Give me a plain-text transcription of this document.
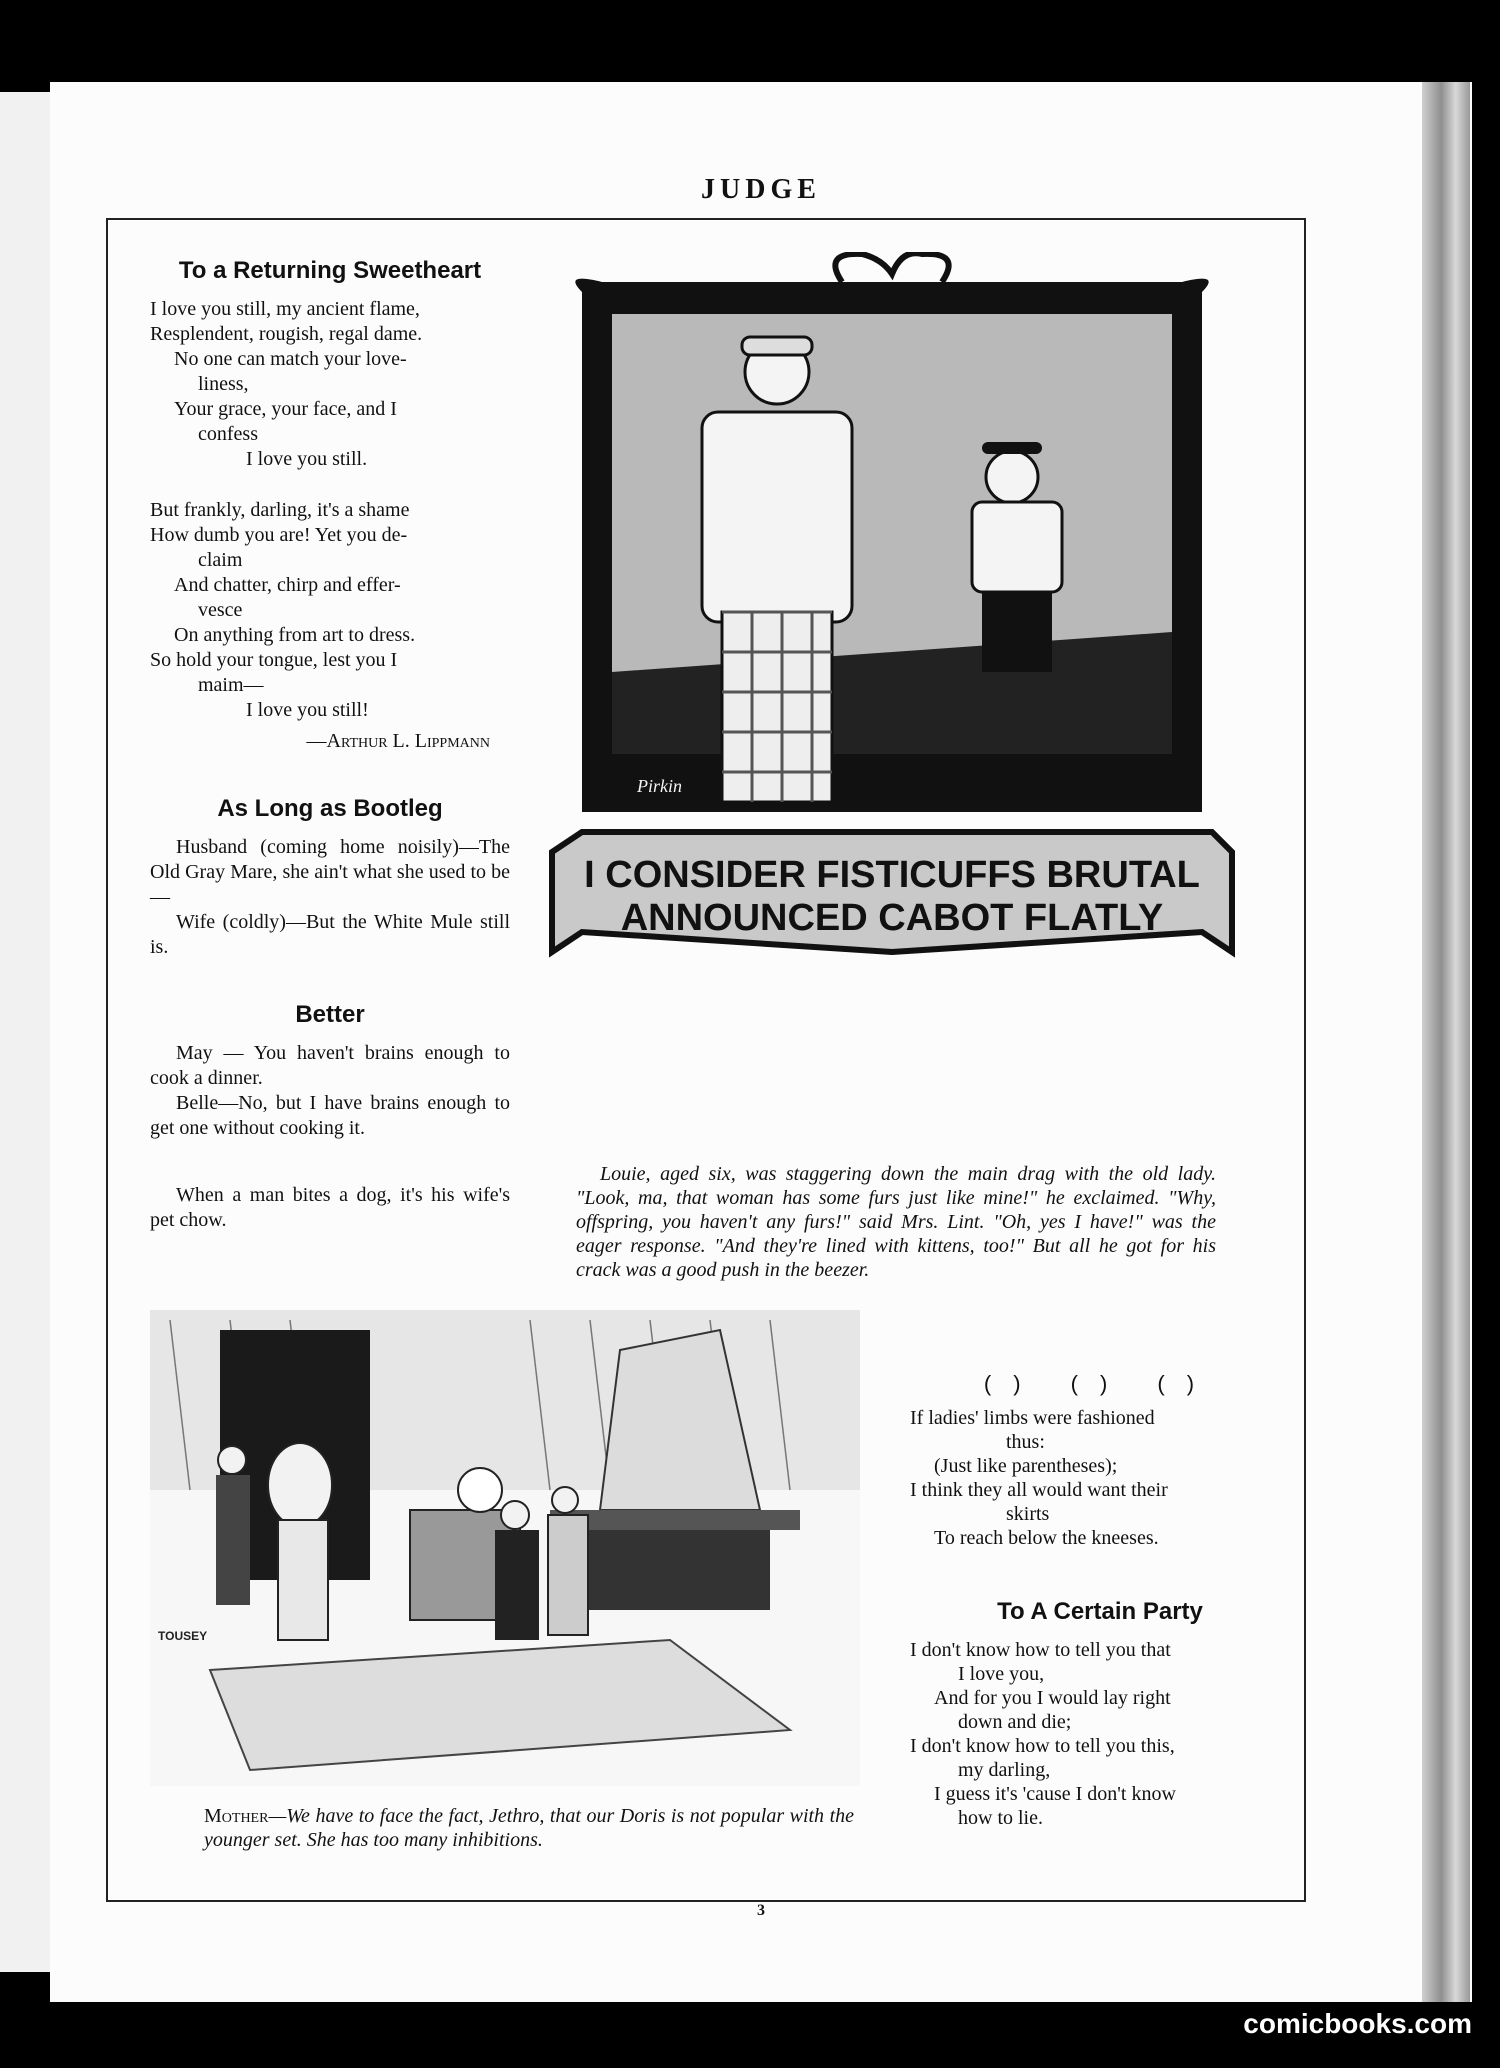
JUDGE
To a Returning Sweetheart

I love you still, my ancient flame,

Resplendent, rougish, regal dame.

No one can match your love-

liness,

Your grace, your face, and I

confess

I love you still.

But frankly, darling, it's a shame

How dumb you are! Yet you de-

claim

And chatter, chirp and effer-

vesce

On anything from art to dress.

So hold your tongue, lest you I

maim—

I love you still!

—Arthur L. Lippmann

As Long as Bootleg

Husband (coming home noisily)—The Old Gray Mare, she ain't what she used to be—

Wife (coldly)—But the White Mule still is.

Better

May — You haven't brains enough to cook a dinner.

Belle—No, but I have brains enough to get one without cooking it.

When a man bites a dog, it's his wife's pet chow.

I CONSIDER FISTICUFFS BRUTAL
ANNOUNCED CABOT FLATLY
Pirkin

Louie, aged six, was staggering down the main drag with the old lady. "Look, ma, that woman has some furs just like mine!" he exclaimed. "Why, offspring, you haven't any furs!" said Mrs. Lint. "Oh, yes I have!" was the eager response. "And they're lined with kittens, too!" But all he got for his crack was a good push in the beezer.

TOUSEY

Mother—We have to face the fact, Jethro, that our Doris is not popular with the younger set. She has too many inhibitions.

() () ()

If ladies' limbs were fashioned

thus:

(Just like parentheses);

I think they all would want their

skirts

To reach below the kneeses.

To A Certain Party

I don't know how to tell you that

I love you,

And for you I would lay right

down and die;

I don't know how to tell you this,

my darling,

I guess it's 'cause I don't know

how to lie.

3
comicbooks.com
